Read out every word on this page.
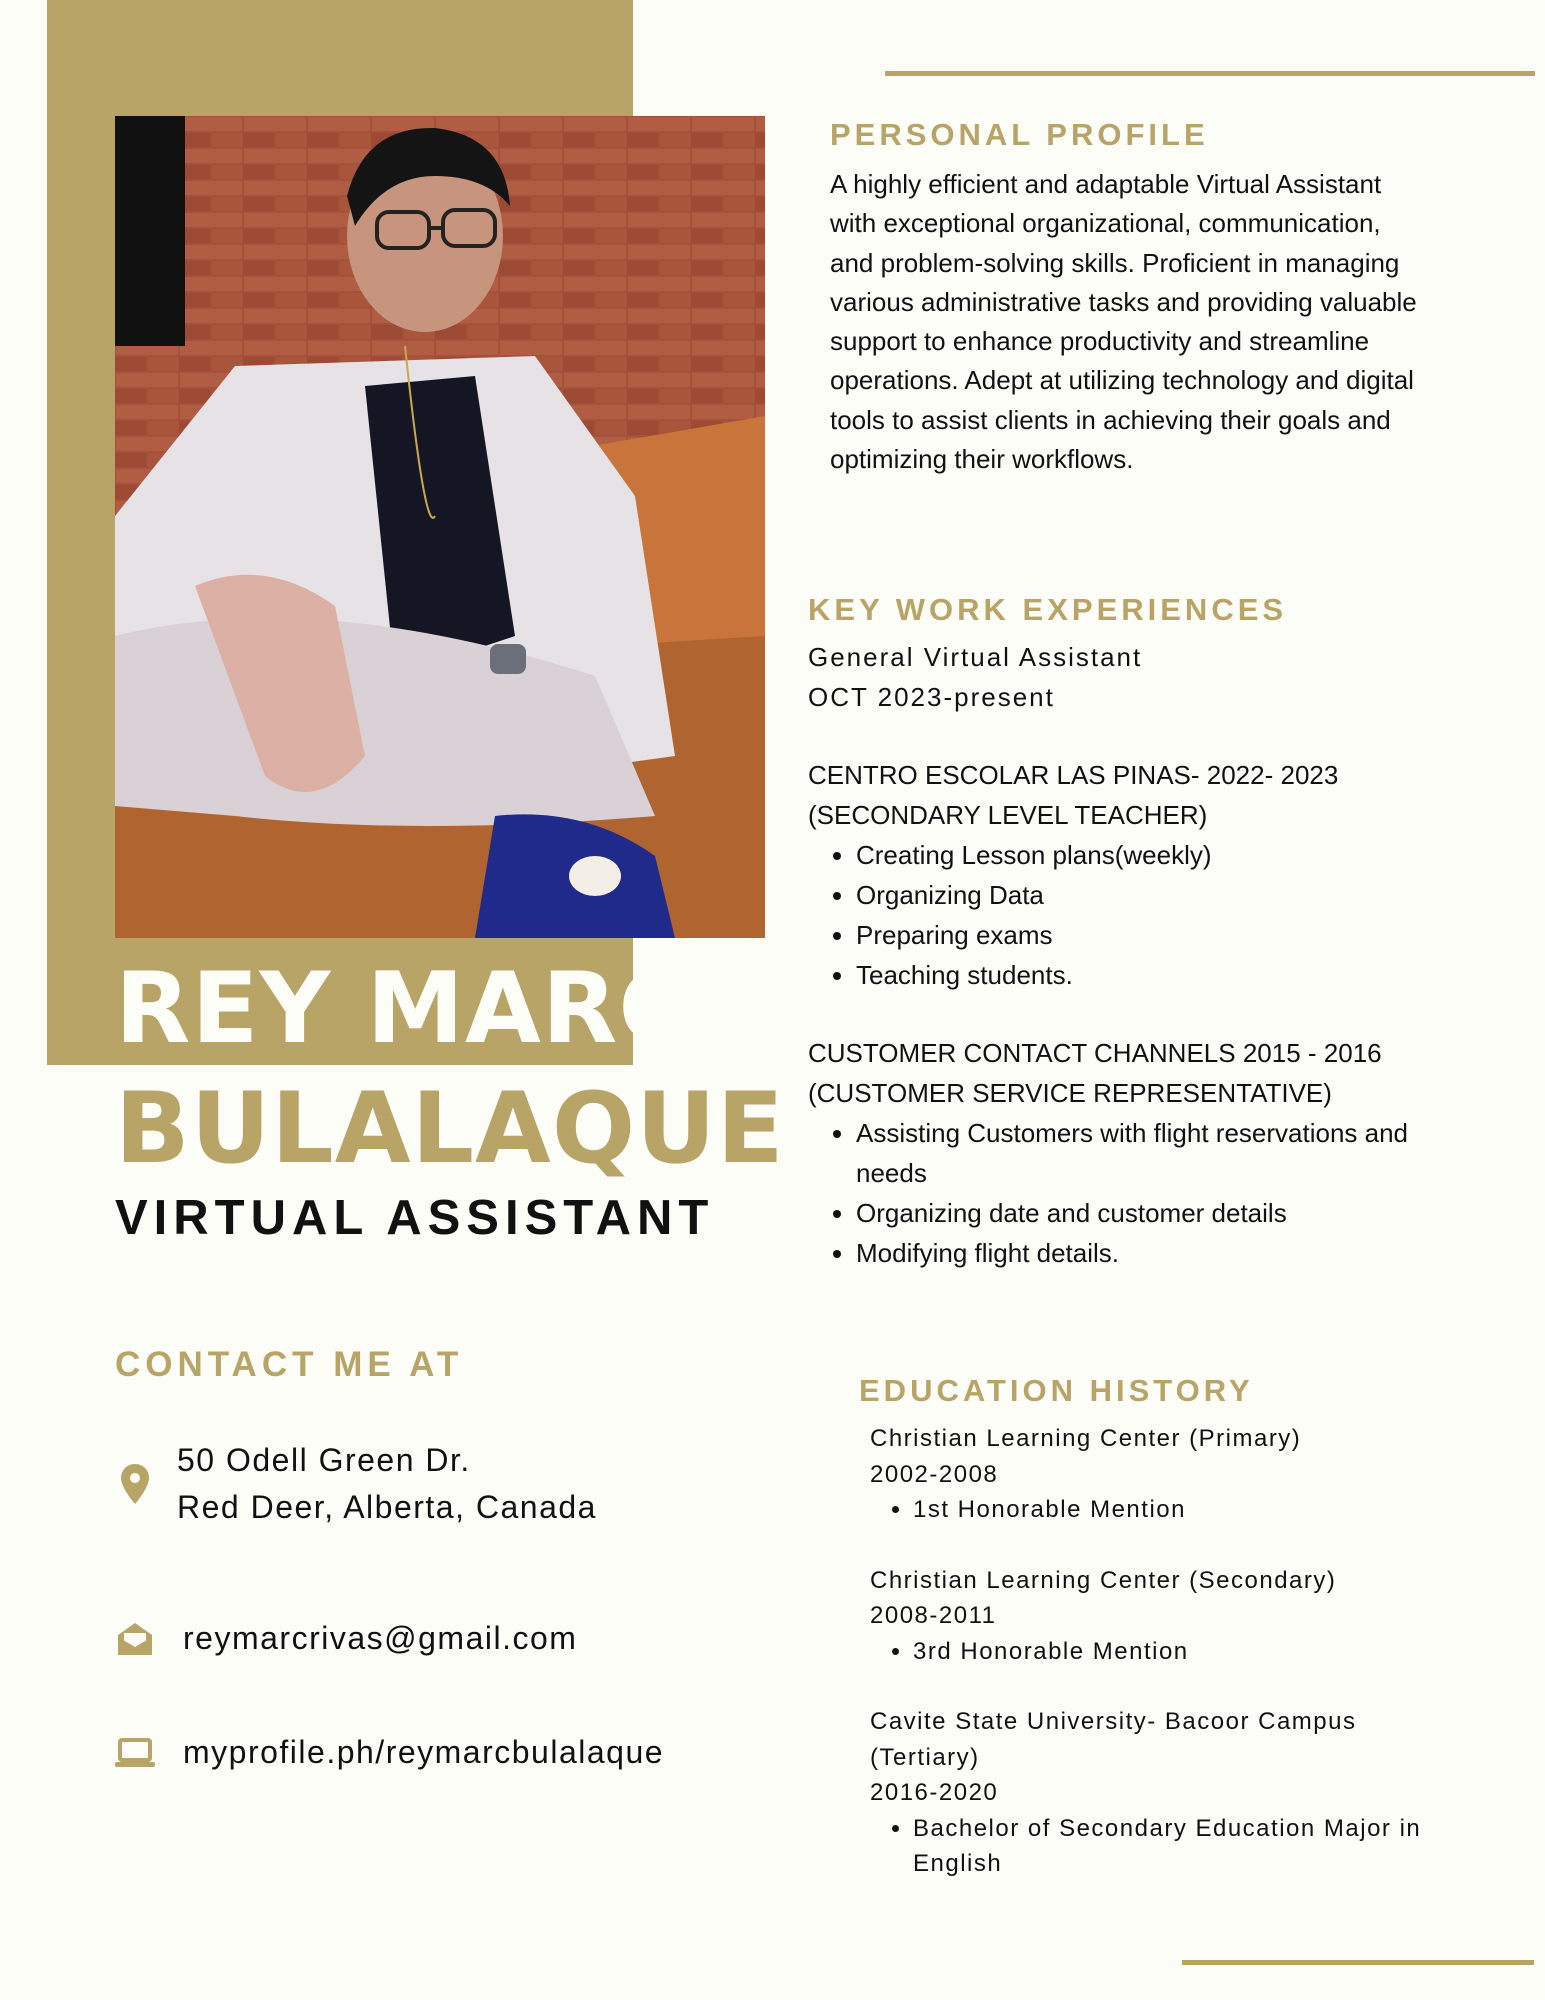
REY MARC
BULALAQUE
VIRTUAL ASSISTANT
PERSONAL PROFILE
A highly efficient and adaptable Virtual Assistant with exceptional organizational, communication, and problem-solving skills. Proficient in managing various administrative tasks and providing valuable support to enhance productivity and streamline operations. Adept at utilizing technology and digital tools to assist clients in achieving their goals and optimizing their workflows.
KEY WORK EXPERIENCES
General Virtual Assistant
OCT 2023-present
CENTRO ESCOLAR LAS PINAS- 2022- 2023
(SECONDARY LEVEL TEACHER)
• Creating Lesson plans(weekly)
• Organizing Data
• Preparing exams
• Teaching students.
CUSTOMER CONTACT CHANNELS 2015 - 2016
(CUSTOMER SERVICE REPRESENTATIVE)
• Assisting Customers with flight reservations and needs
• Organizing date and customer details
• Modifying flight details.
EDUCATION HISTORY
Christian Learning Center (Primary)
2002-2008
• 1st Honorable Mention
Christian Learning Center (Secondary)
2008-2011
• 3rd Honorable Mention
Cavite State University- Bacoor Campus (Tertiary)
2016-2020
• Bachelor of Secondary Education Major in English
CONTACT ME AT
50 Odell Green Dr.
Red Deer, Alberta, Canada
reymarcrivas@gmail.com
myprofile.ph/reymarcbulalaque
